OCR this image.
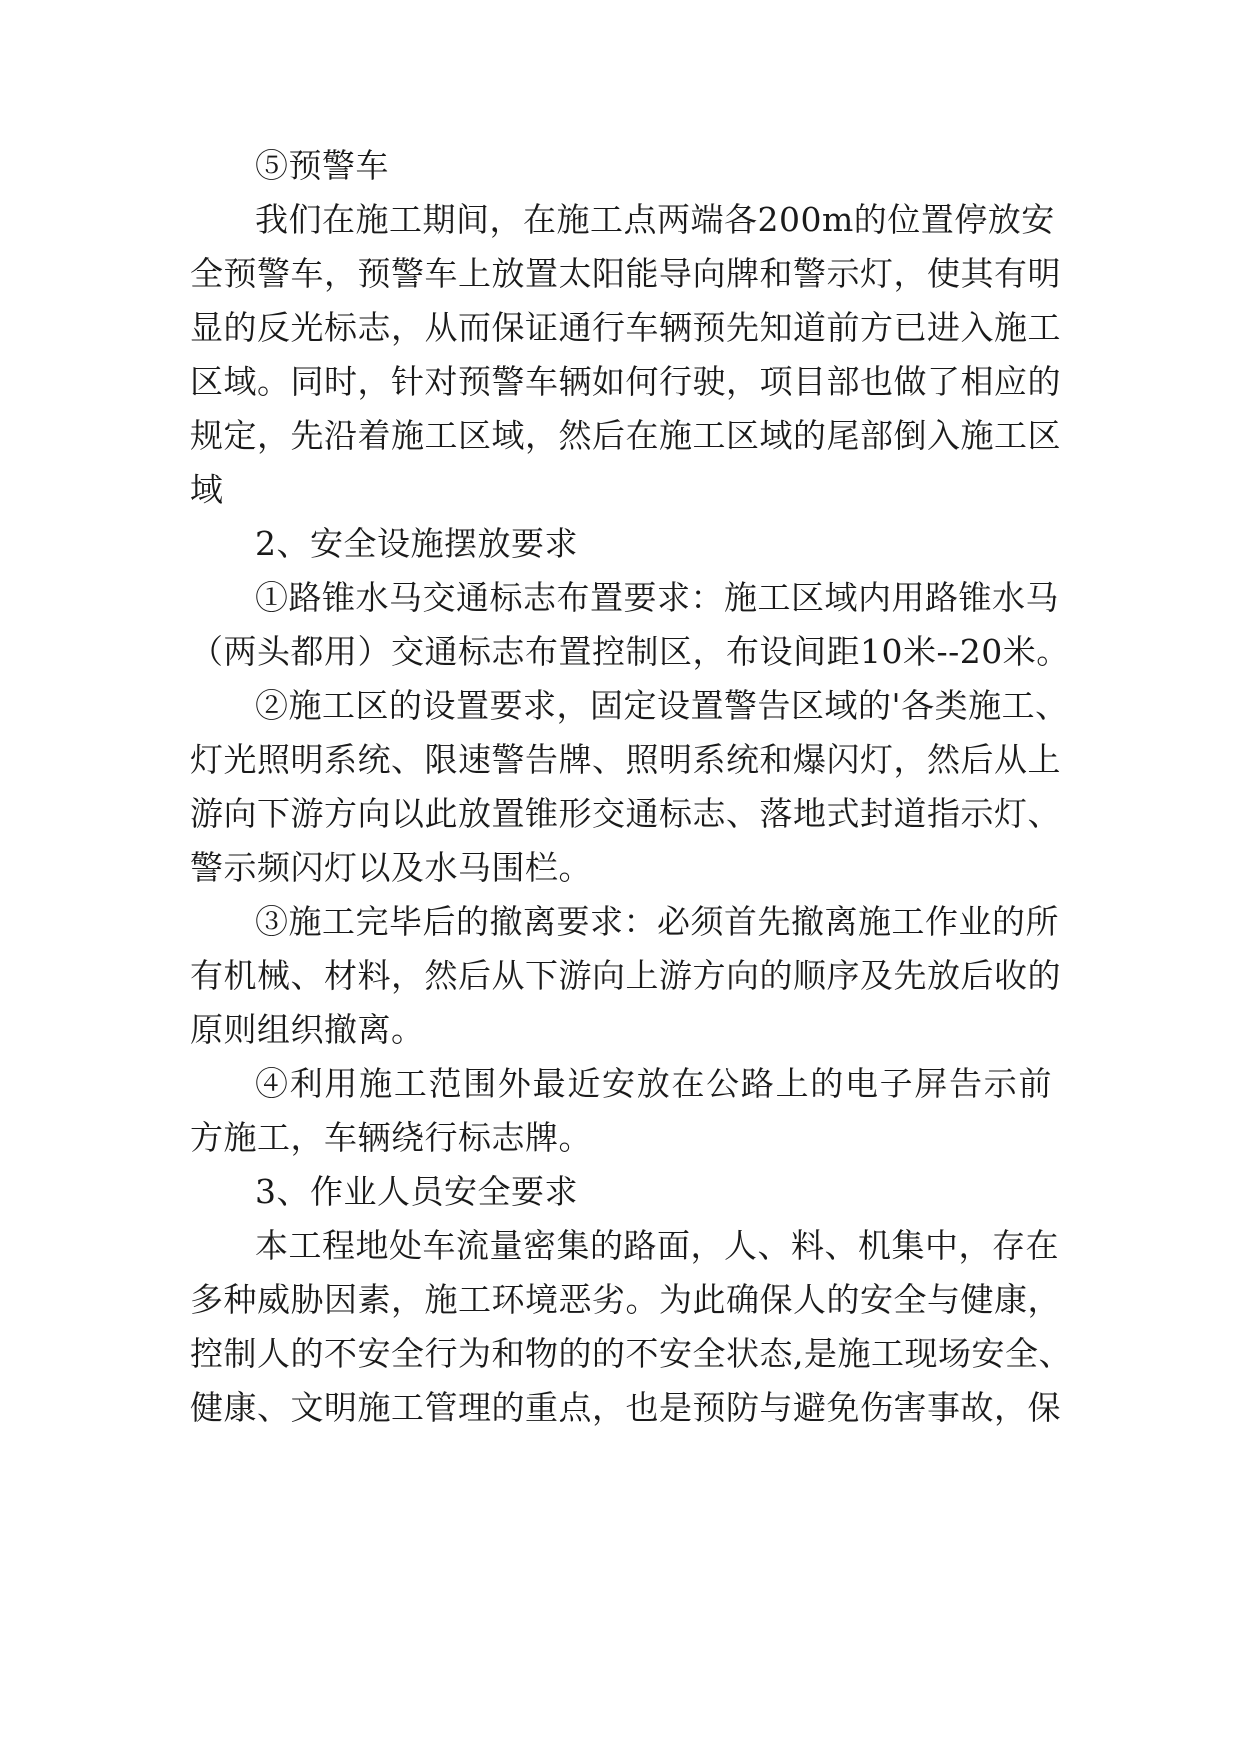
⑤预警车
我们在施工期间，在施工点两端各200m的位置停放安
全预警车，预警车上放置太阳能导向牌和警示灯，使其有明
显的反光标志，从而保证通行车辆预先知道前方已进入施工
区域。同时，针对预警车辆如何行驶，项目部也做了相应的
规定，先沿着施工区域，然后在施工区域的尾部倒入施工区
域
2、安全设施摆放要求
①路锥水马交通标志布置要求：施工区域内用路锥水马
（两头都用）交通标志布置控制区，布设间距10米--20米。
②施工区的设置要求，固定设置警告区域的'各类施工、
灯光照明系统、限速警告牌、照明系统和爆闪灯，然后从上
游向下游方向以此放置锥形交通标志、落地式封道指示灯、
警示频闪灯以及水马围栏。
③施工完毕后的撤离要求：必须首先撤离施工作业的所
有机械、材料，然后从下游向上游方向的顺序及先放后收的
原则组织撤离。
④利用施工范围外最近安放在公路上的电子屏告示前
方施工，车辆绕行标志牌。
3、作业人员安全要求
本工程地处车流量密集的路面，人、料、机集中，存在
多种威胁因素，施工环境恶劣。为此确保人的安全与健康，
控制人的不安全行为和物的的不安全状态,是施工现场安全、
健康、文明施工管理的重点，也是预防与避免伤害事故，保
